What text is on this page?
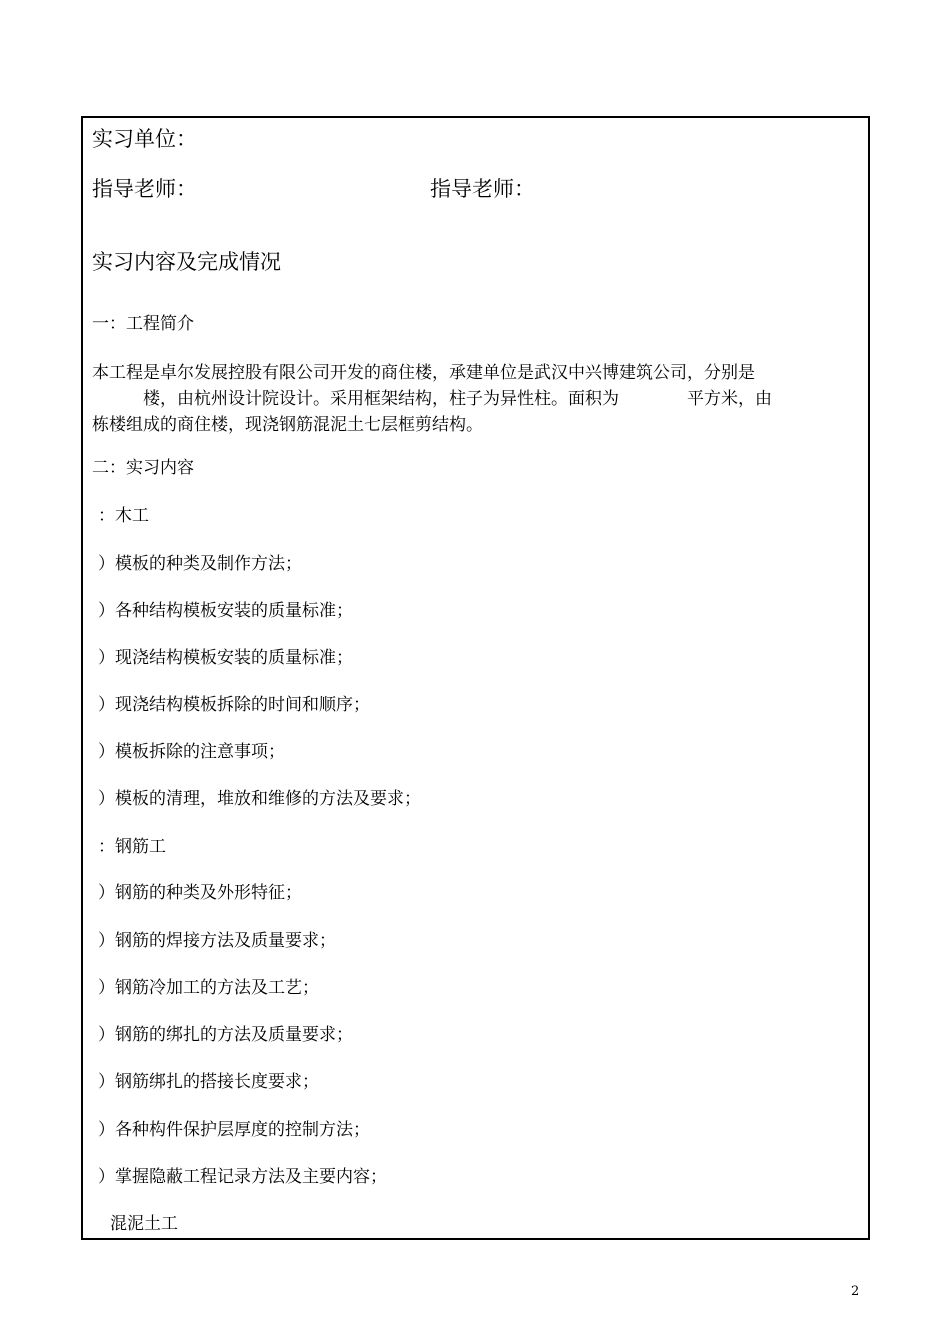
实习单位：
指导老师：	指导老师：
实习内容及完成情况
一：工程简介
本工程是卓尔发展控股有限公司开发的商住楼，承建单位是武汉中兴博建筑公司，分别是
　　　楼，由杭州设计院设计。采用框架结构，柱子为异性柱。面积为　　　　平方米，由
栋楼组成的商住楼，现浇钢筋混泥土七层框剪结构。
二：实习内容
：木工
）模板的种类及制作方法；
）各种结构模板安装的质量标准；
）现浇结构模板安装的质量标准；
）现浇结构模板拆除的时间和顺序；
）模板拆除的注意事项；
）模板的清理，堆放和维修的方法及要求；
：钢筋工
）钢筋的种类及外形特征；
）钢筋的焊接方法及质量要求；
）钢筋冷加工的方法及工艺；
）钢筋的绑扎的方法及质量要求；
）钢筋绑扎的搭接长度要求；
）各种构件保护层厚度的控制方法；
）掌握隐蔽工程记录方法及主要内容；
混泥土工
2
